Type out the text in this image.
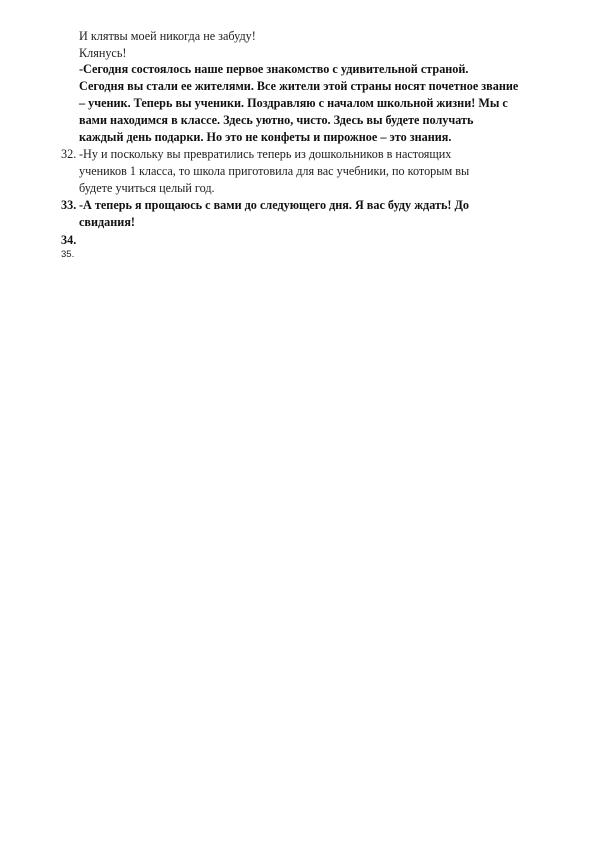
И клятвы моей никогда не забуду!
Клянусь!
-Сегодня состоялось наше первое знакомство с удивительной страной.
Сегодня вы стали ее жителями. Все жители этой страны носят почетное звание
– ученик. Теперь вы ученики. Поздравляю с началом школьной жизни! Мы с
вами находимся в классе. Здесь уютно, чисто. Здесь вы будете получать
каждый день подарки. Но это не конфеты и пирожное – это знания.
32. -Ну и поскольку вы превратились теперь из дошкольников в настоящих
учеников 1 класса, то школа приготовила для вас учебники, по которым вы
будете учиться целый год.
33. -А теперь я прощаюсь с вами до следующего дня. Я вас буду ждать! До
свидания!
34.
35.
